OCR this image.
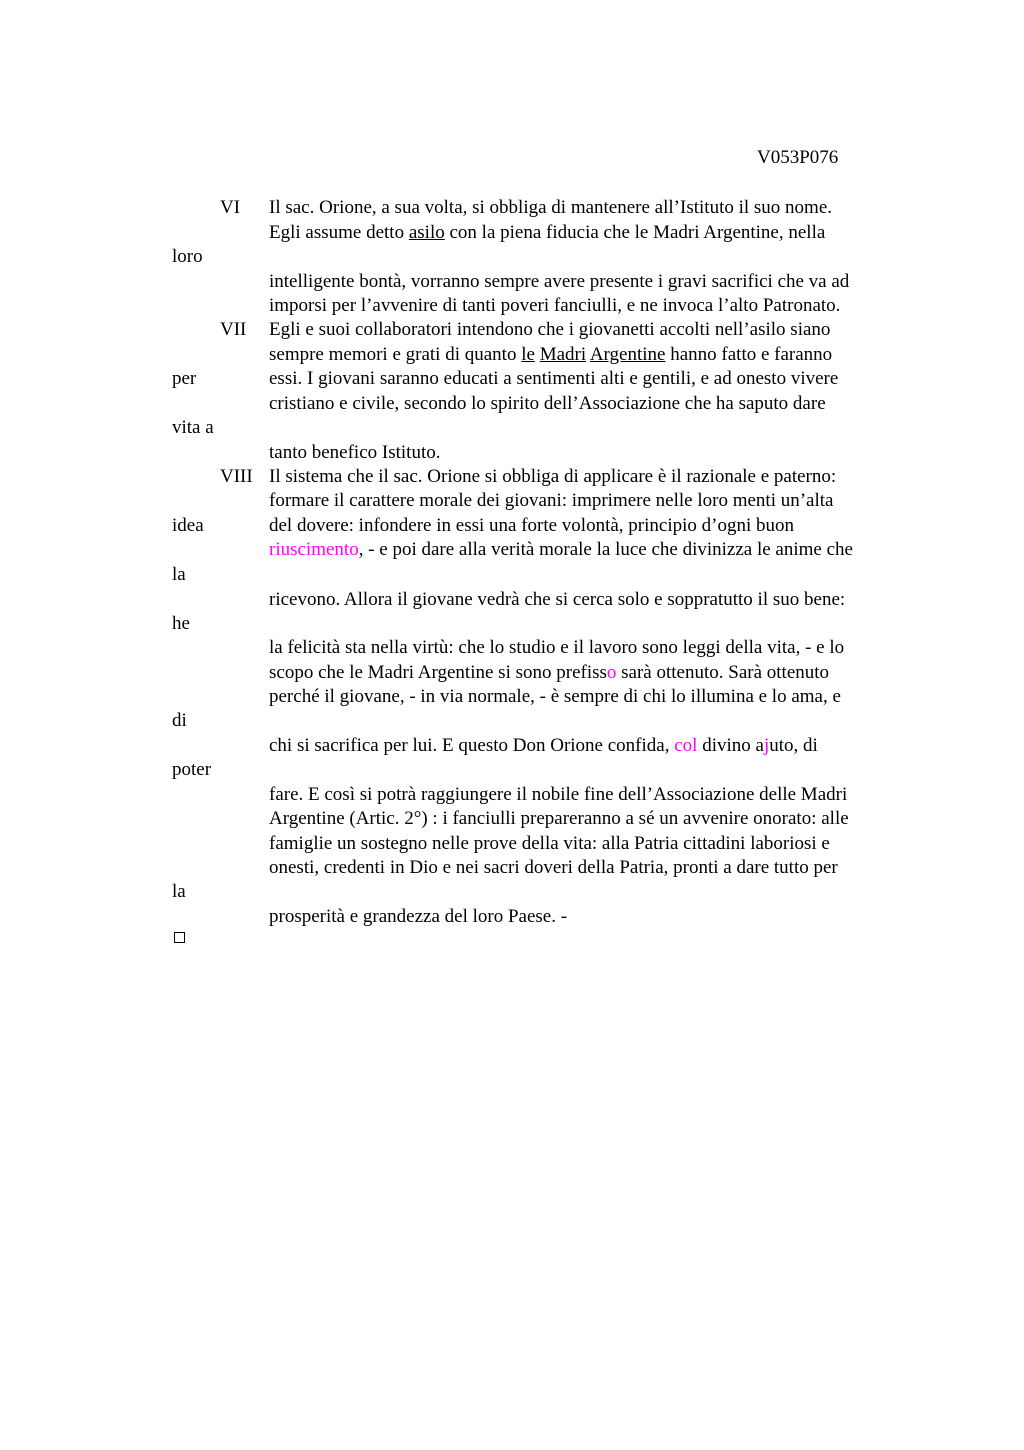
V053P076
VI Il sac. Orione, a sua volta, si obbliga di mantenere all’Istituto il suo nome.
Egli assume detto asilo con la piena fiducia che le Madri Argentine, nella
loro
intelligente bontà, vorranno sempre avere presente i gravi sacrifici che va ad
imporsi per l’avvenire di tanti poveri fanciulli, e ne invoca l’alto Patronato.
VII Egli e suoi collaboratori intendono che i giovanetti accolti nell’asilo siano
sempre memori e grati di quanto le Madri Argentine hanno fatto e faranno
per	essi. I giovani saranno educati a sentimenti alti e gentili, e ad onesto vivere
cristiano e civile, secondo lo spirito dell’Associazione che ha saputo dare
vita a
tanto benefico Istituto.
VIII Il sistema che il sac. Orione si obbliga di applicare è il razionale e paterno:
formare il carattere morale dei giovani: imprimere nelle loro menti un’alta
idea	del dovere: infondere in essi una forte volontà, principio d’ogni buon
riuscimento, - e poi dare alla verità morale la luce che divinizza le anime che
la
ricevono. Allora il giovane vedrà che si cerca solo e soppratutto il suo bene:
he
la felicità sta nella virtù: che lo studio e il lavoro sono leggi della vita, - e lo
scopo che le Madri Argentine si sono prefisso sarà ottenuto. Sarà ottenuto
perché il giovane, - in via normale, - è sempre di chi lo illumina e lo ama, e
di
chi si sacrifica per lui. E questo Don Orione confida, col divino ajuto, di
poter
fare. E così si potrà raggiungere il nobile fine dell’Associazione delle Madri
Argentine (Artic. 2°) : i fanciulli prepareranno a sé un avvenire onorato: alle
famiglie un sostegno nelle prove della vita: alla Patria cittadini laboriosi e
onesti, credenti in Dio e nei sacri doveri della Patria, pronti a dare tutto per
la
prosperità e grandezza del loro Paese. -
